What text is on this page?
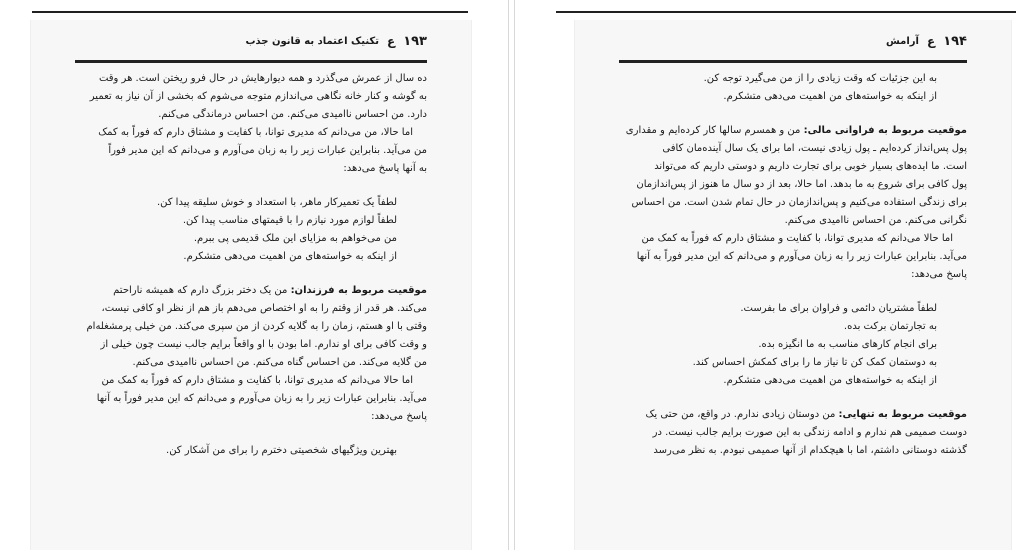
۱۹۳
ع
تکنیک اعتماد به قانون جذب
ده سال از عمرش می‌گذرد و همه دیوارهایش در حال فرو ریختن است. هر وقت
به گوشه و کنار خانه نگاهی می‌اندازم متوجه می‌شوم که بخشی از آن نیاز به تعمیر
دارد. من احساس ناامیدی می‌کنم. من احساس درماندگی می‌کنم.
اما حالا، من می‌دانم که مدیری توانا، با کفایت و مشتاق دارم که فوراً به کمک
من می‌آید. بنابراین عبارات زیر را به زبان می‌آورم و می‌دانم که این مدیر فوراً
به آنها پاسخ می‌دهد:
لطفاً یک تعمیرکار ماهر، با استعداد و خوش سلیقه پیدا کن.
لطفاً لوازم مورد نیازم را با قیمتهای مناسب پیدا کن.
من می‌خواهم به مزایای این ملک قدیمی پی ببرم.
از اینکه به خواسته‌های من اهمیت می‌دهی متشکرم.
موقعیت مربوط به فرزندان: من یک دختر بزرگ دارم که همیشه ناراحتم
می‌کند. هر قدر از وقتم را به او اختصاص می‌دهم باز هم از نظر او کافی نیست،
وقتی با او هستم، زمان را به گلایه کردن از من سپری می‌کند. من خیلی پرمشغله‌ام
و وقت کافی برای او ندارم. اما بودن با او واقعاً برایم جالب نیست چون خیلی از
من گلایه می‌کند. من احساس گناه می‌کنم. من احساس ناامیدی می‌کنم.
اما حالا می‌دانم که مدیری توانا، با کفایت و مشتاق دارم که فوراً به کمک من
می‌آید. بنابراین عبارات زیر را به زبان می‌آورم و می‌دانم که این مدیر فوراً به آنها
پاسخ می‌دهد:
بهترین ویژگیهای شخصیتی دخترم را برای من آشکار کن.
۱۹۴
ع
آرامش
به این جزئیات که وقت زیادی را از من می‌گیرد توجه کن.
از اینکه به خواسته‌های من اهمیت می‌دهی متشکرم.
موقعیت مربوط به فراوانی مالی: من و همسرم سالها کار کرده‌ایم و مقداری
پول پس‌انداز کرده‌ایم ـ پول زیادی نیست، اما برای یک سال آینده‌مان کافی
است. ما ایده‌های بسیار خوبی برای تجارت داریم و دوستی داریم که می‌تواند
پول کافی برای شروع به ما بدهد. اما حالا، بعد از دو سال ما هنوز از پس‌اندازمان
برای زندگی استفاده می‌کنیم و پس‌اندازمان در حال تمام شدن است. من احساس
نگرانی می‌کنم. من احساس ناامیدی می‌کنم.
اما حالا می‌دانم که مدیری توانا، با کفایت و مشتاق دارم که فوراً به کمک من
می‌آید. بنابراین عبارات زیر را به زبان می‌آورم و می‌دانم که این مدیر فوراً به آنها
پاسخ می‌دهد:
لطفاً مشتریان دائمی و فراوان برای ما بفرست.
به تجارتمان برکت بده.
برای انجام کارهای مناسب به ما انگیزه بده.
به دوستمان کمک کن تا نیاز ما را برای کمکش احساس کند.
از اینکه به خواسته‌های من اهمیت می‌دهی متشکرم.
موقعیت مربوط به تنهایی: من دوستان زیادی ندارم. در واقع، من حتی یک
دوست صمیمی هم ندارم و ادامه زندگی به این صورت برایم جالب نیست. در
گذشته دوستانی داشتم، اما با هیچکدام از آنها صمیمی نبودم. به نظر می‌رسد
